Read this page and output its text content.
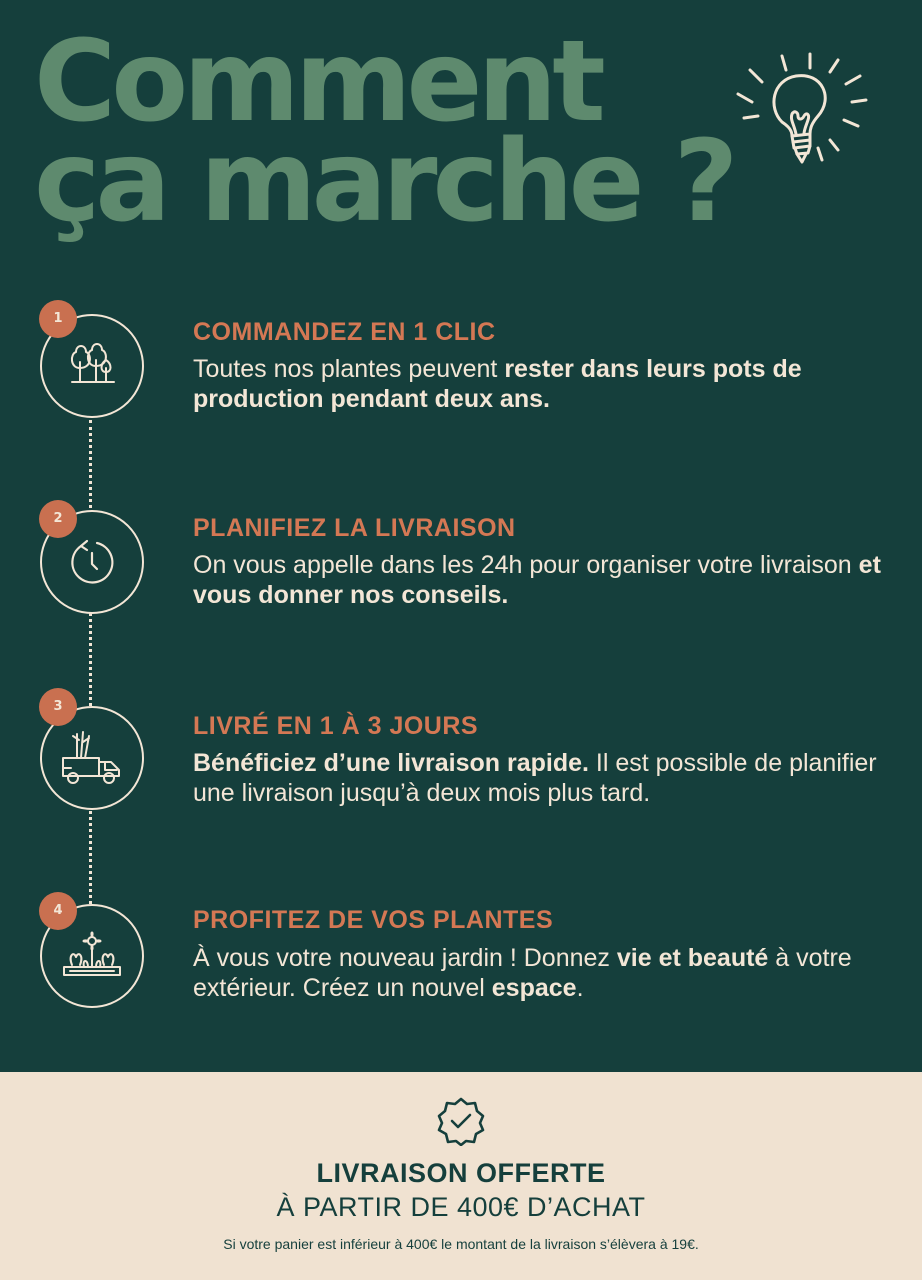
Comment
ça marche ?
1	COMMANDEZ EN 1 CLIC

Toutes nos plantes peuvent rester dans leurs pots de production pendant deux ans.

2	PLANIFIEZ LA LIVRAISON

On vous appelle dans les 24h pour organiser votre livraison et vous donner nos conseils.

3
LIVRÉ EN 1 À 3 JOURS

Bénéficiez d’une livraison rapide. Il est possible de planifier une livraison jusqu’à deux mois plus tard.

4	PROFITEZ DE VOS PLANTES

À vous votre nouveau jardin ! Donnez vie et beauté à votre extérieur. Créez un nouvel espace.

LIVRAISON OFFERTE
À PARTIR DE 400€ D’ACHAT
Si votre panier est inférieur à 400€ le montant de la livraison s’élèvera à 19€.
